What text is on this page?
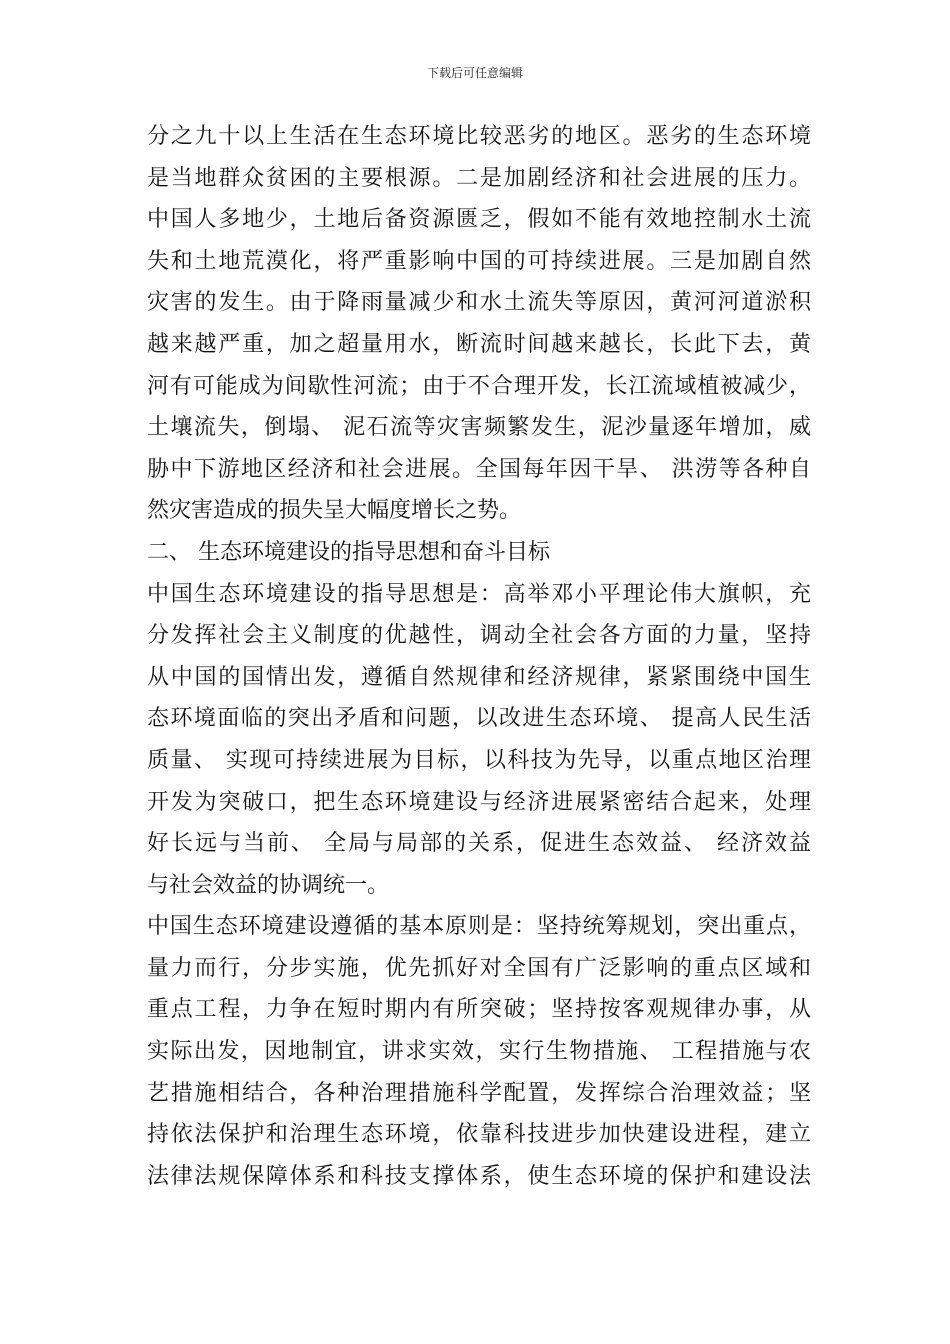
下载后可任意编辑
分之九十以上生活在生态环境比较恶劣的地区。恶劣的生态环境
是当地群众贫困的主要根源。二是加剧经济和社会进展的压力。
中国人多地少，土地后备资源匮乏，假如不能有效地控制水土流
失和土地荒漠化，将严重影响中国的可持续进展。三是加剧自然
灾害的发生。由于降雨量减少和水土流失等原因，黄河河道淤积
越来越严重，加之超量用水，断流时间越来越长，长此下去，黄
河有可能成为间歇性河流；由于不合理开发，长江流域植被减少，
土壤流失，倒塌、 泥石流等灾害频繁发生，泥沙量逐年增加，威
胁中下游地区经济和社会进展。全国每年因干旱、 洪涝等各种自
然灾害造成的损失呈大幅度增长之势。
二、 生态环境建设的指导思想和奋斗目标
中国生态环境建设的指导思想是：高举邓小平理论伟大旗帜，充
分发挥社会主义制度的优越性，调动全社会各方面的力量，坚持
从中国的国情出发，遵循自然规律和经济规律，紧紧围绕中国生
态环境面临的突出矛盾和问题，以改进生态环境、 提高人民生活
质量、 实现可持续进展为目标，以科技为先导，以重点地区治理
开发为突破口，把生态环境建设与经济进展紧密结合起来，处理
好长远与当前、 全局与局部的关系，促进生态效益、 经济效益
与社会效益的协调统一。
中国生态环境建设遵循的基本原则是：坚持统筹规划，突出重点，
量力而行，分步实施，优先抓好对全国有广泛影响的重点区域和
重点工程，力争在短时期内有所突破；坚持按客观规律办事，从
实际出发，因地制宜，讲求实效，实行生物措施、 工程措施与农
艺措施相结合，各种治理措施科学配置，发挥综合治理效益；坚
持依法保护和治理生态环境，依靠科技进步加快建设进程，建立
法律法规保障体系和科技支撑体系，使生态环境的保护和建设法
